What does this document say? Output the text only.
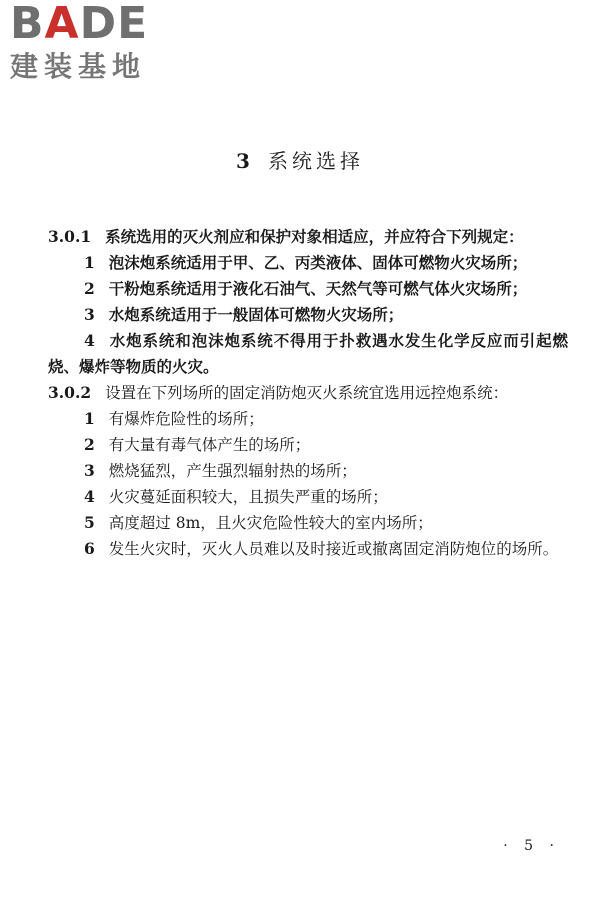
BADE
建装基地
3 系统选择
3.0.1 系统选用的灭火剂应和保护对象相适应，并应符合下列规定：
1 泡沫炮系统适用于甲、乙、丙类液体、固体可燃物火灾场所；
2 干粉炮系统适用于液化石油气、天然气等可燃气体火灾场所；
3 水炮系统适用于一般固体可燃物火灾场所；
4 水炮系统和泡沫炮系统不得用于扑救遇水发生化学反应而引起燃烧、爆炸等物质的火灾。
3.0.2 设置在下列场所的固定消防炮灭火系统宜选用远控炮系统：
1 有爆炸危险性的场所；
2 有大量有毒气体产生的场所；
3 燃烧猛烈，产生强烈辐射热的场所；
4 火灾蔓延面积较大，且损失严重的场所；
5 高度超过 8m，且火灾危险性较大的室内场所；
6 发生火灾时，灭火人员难以及时接近或撤离固定消防炮位的场所。
· 5 ·
